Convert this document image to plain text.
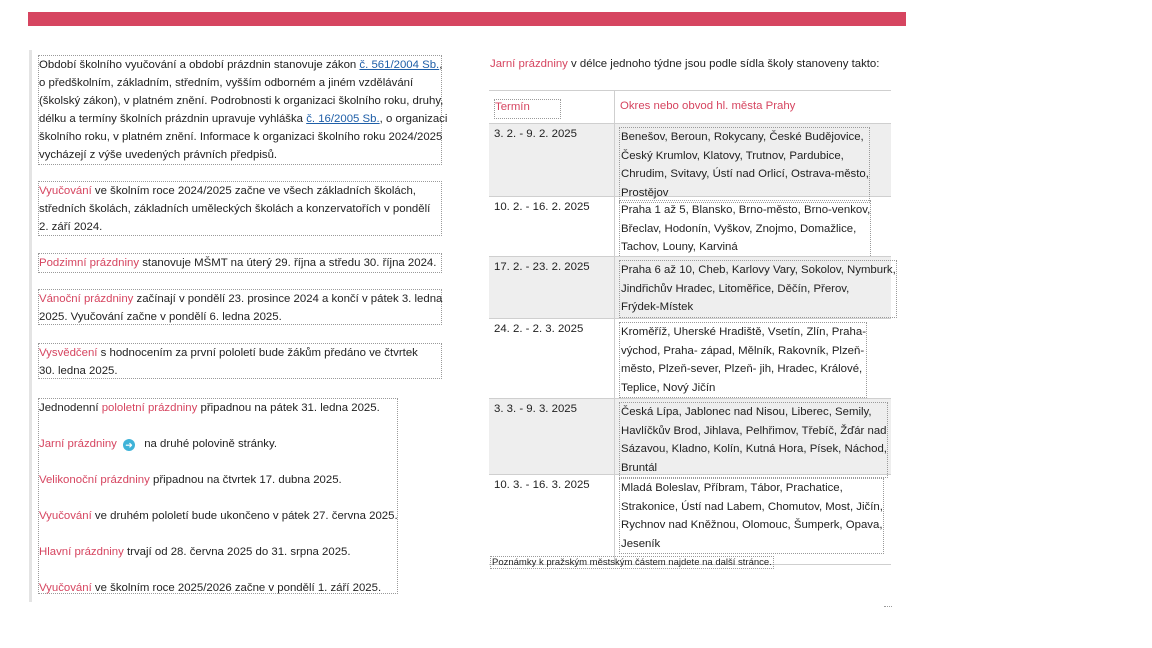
Období školního vyučování a období prázdnin stanovuje zákon č. 561/2004 Sb.,

o předškolním, základním, středním, vyšším odborném a jiném vzdělávání

(školský zákon), v platném znění. Podrobnosti k organizaci školního roku, druhy,

délku a termíny školních prázdnin upravuje vyhláška č. 16/2005 Sb., o organizaci

školního roku, v platném znění. Informace k organizaci školního roku 2024/2025

vycházejí z výše uvedených právních předpisů.

Vyučování ve školním roce 2024/2025 začne ve všech základních školách,

středních školách, základních uměleckých školách a konzervatořích v pondělí

2. září 2024.

Podzimní prázdniny stanovuje MŠMT na úterý 29. října a středu 30. října 2024.

Vánoční prázdniny začínají v pondělí 23. prosince 2024 a končí v pátek 3. ledna

2025. Vyučování začne v pondělí 6. ledna 2025.

Vysvědčení s hodnocením za první pololetí bude žákům předáno ve čtvrtek

30. ledna 2025.

Jednodenní pololetní prázdniny připadnou na pátek 31. ledna 2025.

Jarní prázdniny ➜ na druhé polovině stránky.

Velikonoční prázdniny připadnou na čtvrtek 17. dubna 2025.

Vyučování ve druhém pololetí bude ukončeno v pátek 27. června 2025.

Hlavní prázdniny trvají od 28. června 2025 do 31. srpna 2025.

Vyučování ve školním roce 2025/2026 začne v pondělí 1. září 2025.

Jarní prázdniny v délce jednoho týdne jsou podle sídla školy stanoveny takto:
Termín	Okres nebo obvod hl. města Prahy
3. 2. - 9. 2. 2025	Benešov, Beroun, Rokycany, České Budějovice,
Český Krumlov, Klatovy, Trutnov, Pardubice,
Chrudim, Svitavy, Ústí nad Orlicí, Ostrava-město,
Prostějov
10. 2. - 16. 2. 2025	Praha 1 až 5, Blansko, Brno-město, Brno-venkov,
Břeclav, Hodonín, Vyškov, Znojmo, Domažlice,
Tachov, Louny, Karviná
17. 2. - 23. 2. 2025	Praha 6 až 10, Cheb, Karlovy Vary, Sokolov, Nymburk,
Jindřichův Hradec, Litoměřice, Děčín, Přerov,
Frýdek-Místek
24. 2. - 2. 3. 2025	Kroměříž, Uherské Hradiště, Vsetín, Zlín, Praha-
východ, Praha- západ, Mělník, Rakovník, Plzeň-
město, Plzeň-sever, Plzeň- jih, Hradec, Králové,
Teplice, Nový Jičín
3. 3. - 9. 3. 2025	Česká Lípa, Jablonec nad Nisou, Liberec, Semily,
Havlíčkův Brod, Jihlava, Pelhřimov, Třebíč, Žďár nad
Sázavou, Kladno, Kolín, Kutná Hora, Písek, Náchod,
Bruntál
10. 3. - 16. 3. 2025	Mladá Boleslav, Příbram, Tábor, Prachatice,
Strakonice, Ústí nad Labem, Chomutov, Most, Jičín,
Rychnov nad Kněžnou, Olomouc, Šumperk, Opava,
Jeseník
Poznámky k pražským městským částem najdete na další stránce.
